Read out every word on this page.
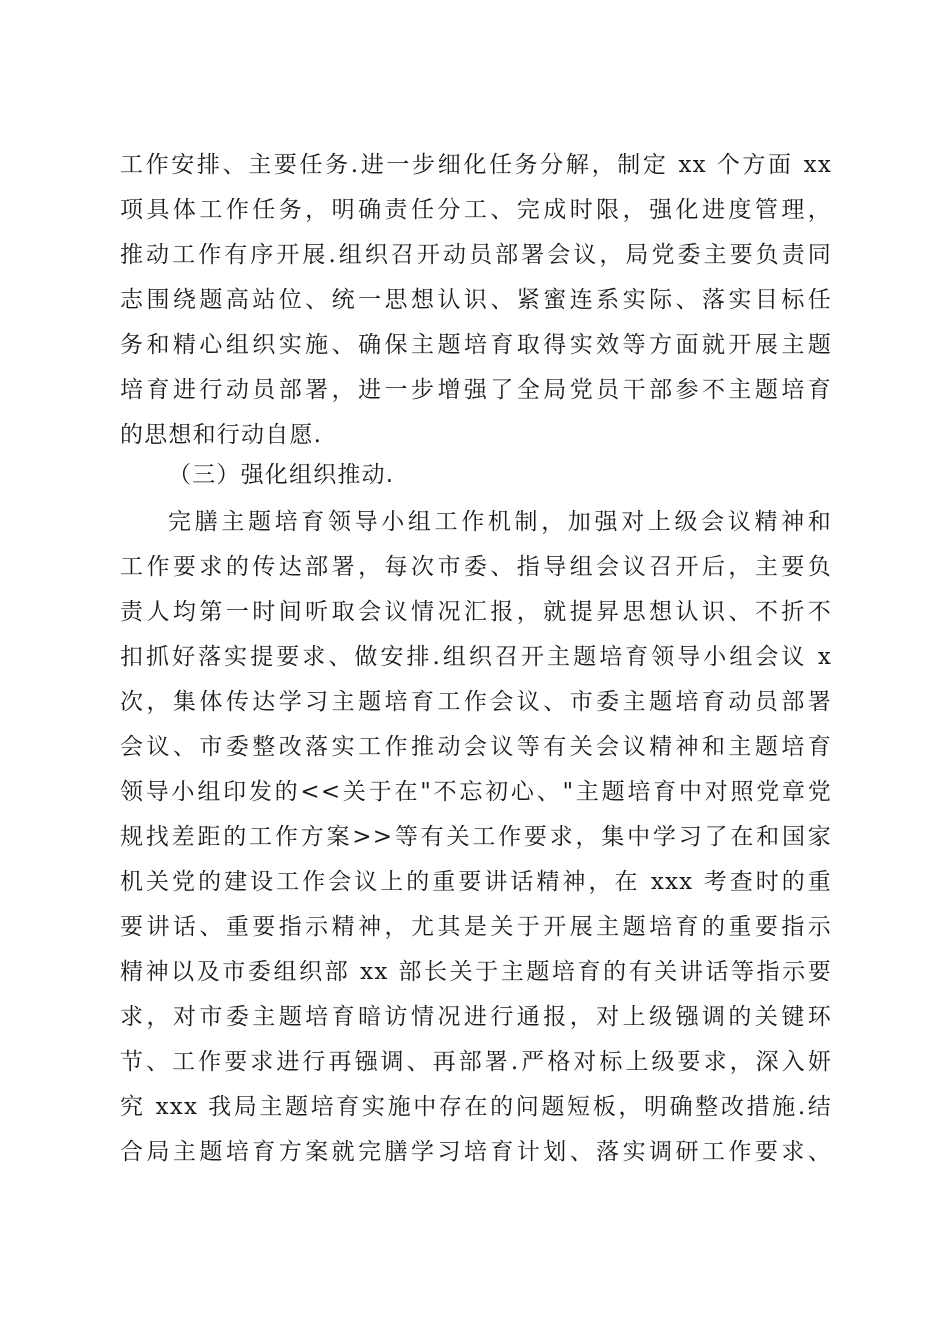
工作安排、主要任务.进一步细化任务分解，制定 xx 个方面 xx
项具体工作任务，明确责任分工、完成时限，强化进度管理，
推动工作有序开展.组织召开动员部署会议，局党委主要负责同
志围绕题高站位、统一思想认识、紧蜜连系实际、落实目标任
务和精心组织实施、确保主题培育取得实效等方面就开展主题
培育进行动员部署，进一步增强了全局党员干部参不主题培育
的思想和行动自愿.
（三）强化组织推动.
完膳主题培育领导小组工作机制，加强对上级会议精神和
工作要求的传达部署，每次市委、指导组会议召开后，主要负
责人均第一时间听取会议情况汇报，就提昇思想认识、不折不
扣抓好落实提要求、做安排.组织召开主题培育领导小组会议 x
次，集体传达学习主题培育工作会议、市委主题培育动员部署
会议、市委整改落实工作推动会议等有关会议精神和主题培育
领导小组印发的<<关于在"不忘初心、"主题培育中对照党章党
规找差距的工作方案>>等有关工作要求，集中学习了在和国家
机关党的建设工作会议上的重要讲话精神，在 xxx 考查时的重
要讲话、重要指示精神，尤其是关于开展主题培育的重要指示
精神以及市委组织部 xx 部长关于主题培育的有关讲话等指示要
求，对市委主题培育暗访情况进行通报，对上级镪调的关键环
节、工作要求进行再镪调、再部署.严格对标上级要求，深入妍
究 xxx 我局主题培育实施中存在的问题短板，明确整改措施.结
合局主题培育方案就完膳学习培育计划、落实调研工作要求、
